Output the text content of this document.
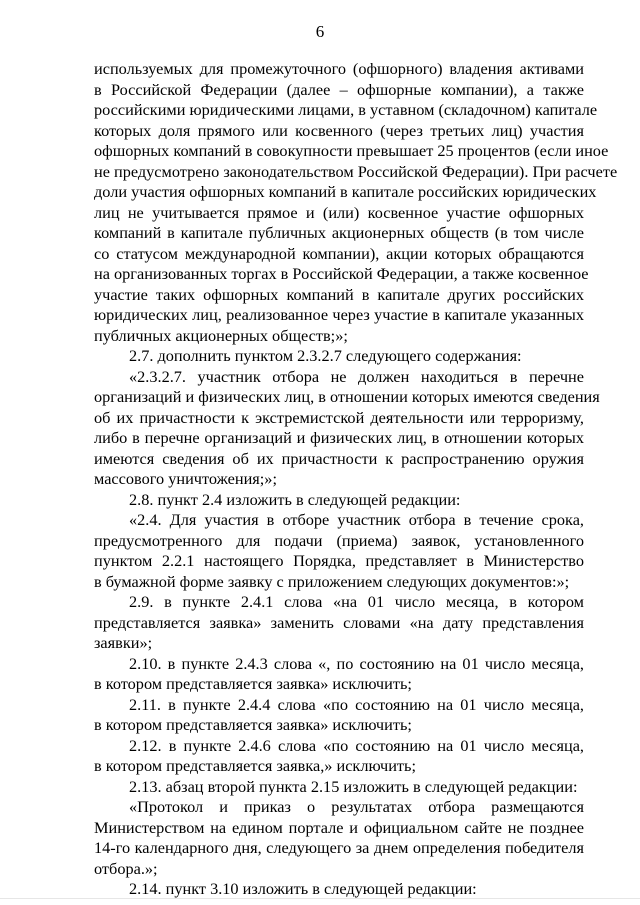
6
используемых для промежуточного (офшорного) владения активами
в Российской Федерации (далее – офшорные компании), а также
российскими юридическими лицами, в уставном (складочном) капитале
которых доля прямого или косвенного (через третьих лиц) участия
офшорных компаний в совокупности превышает 25 процентов (если иное
не предусмотрено законодательством Российской Федерации). При расчете
доли участия офшорных компаний в капитале российских юридических
лиц не учитывается прямое и (или) косвенное участие офшорных
компаний в капитале публичных акционерных обществ (в том числе
со статусом международной компании), акции которых обращаются
на организованных торгах в Российской Федерации, а также косвенное
участие таких офшорных компаний в капитале других российских
юридических лиц, реализованное через участие в капитале указанных
публичных акционерных обществ;»;
2.7. дополнить пунктом 2.3.2.7 следующего содержания:
«2.3.2.7. участник отбора не должен находиться в перечне
организаций и физических лиц, в отношении которых имеются сведения
об их причастности к экстремистской деятельности или терроризму,
либо в перечне организаций и физических лиц, в отношении которых
имеются сведения об их причастности к распространению оружия
массового уничтожения;»;
2.8. пункт 2.4 изложить в следующей редакции:
«2.4. Для участия в отборе участник отбора в течение срока,
предусмотренного для подачи (приема) заявок, установленного
пунктом 2.2.1 настоящего Порядка, представляет в Министерство
в бумажной форме заявку с приложением следующих документов:»;
2.9. в пункте 2.4.1 слова «на 01 число месяца, в котором
представляется заявка» заменить словами «на дату представления
заявки»;
2.10. в пункте 2.4.3 слова «, по состоянию на 01 число месяца,
в котором представляется заявка» исключить;
2.11. в пункте 2.4.4 слова «по состоянию на 01 число месяца,
в котором представляется заявка» исключить;
2.12. в пункте 2.4.6 слова «по состоянию на 01 число месяца,
в котором представляется заявка,» исключить;
2.13. абзац второй пункта 2.15 изложить в следующей редакции:
«Протокол и приказ о результатах отбора размещаются
Министерством на едином портале и официальном сайте не позднее
14-го календарного дня, следующего за днем определения победителя
отбора.»;
2.14. пункт 3.10 изложить в следующей редакции:
